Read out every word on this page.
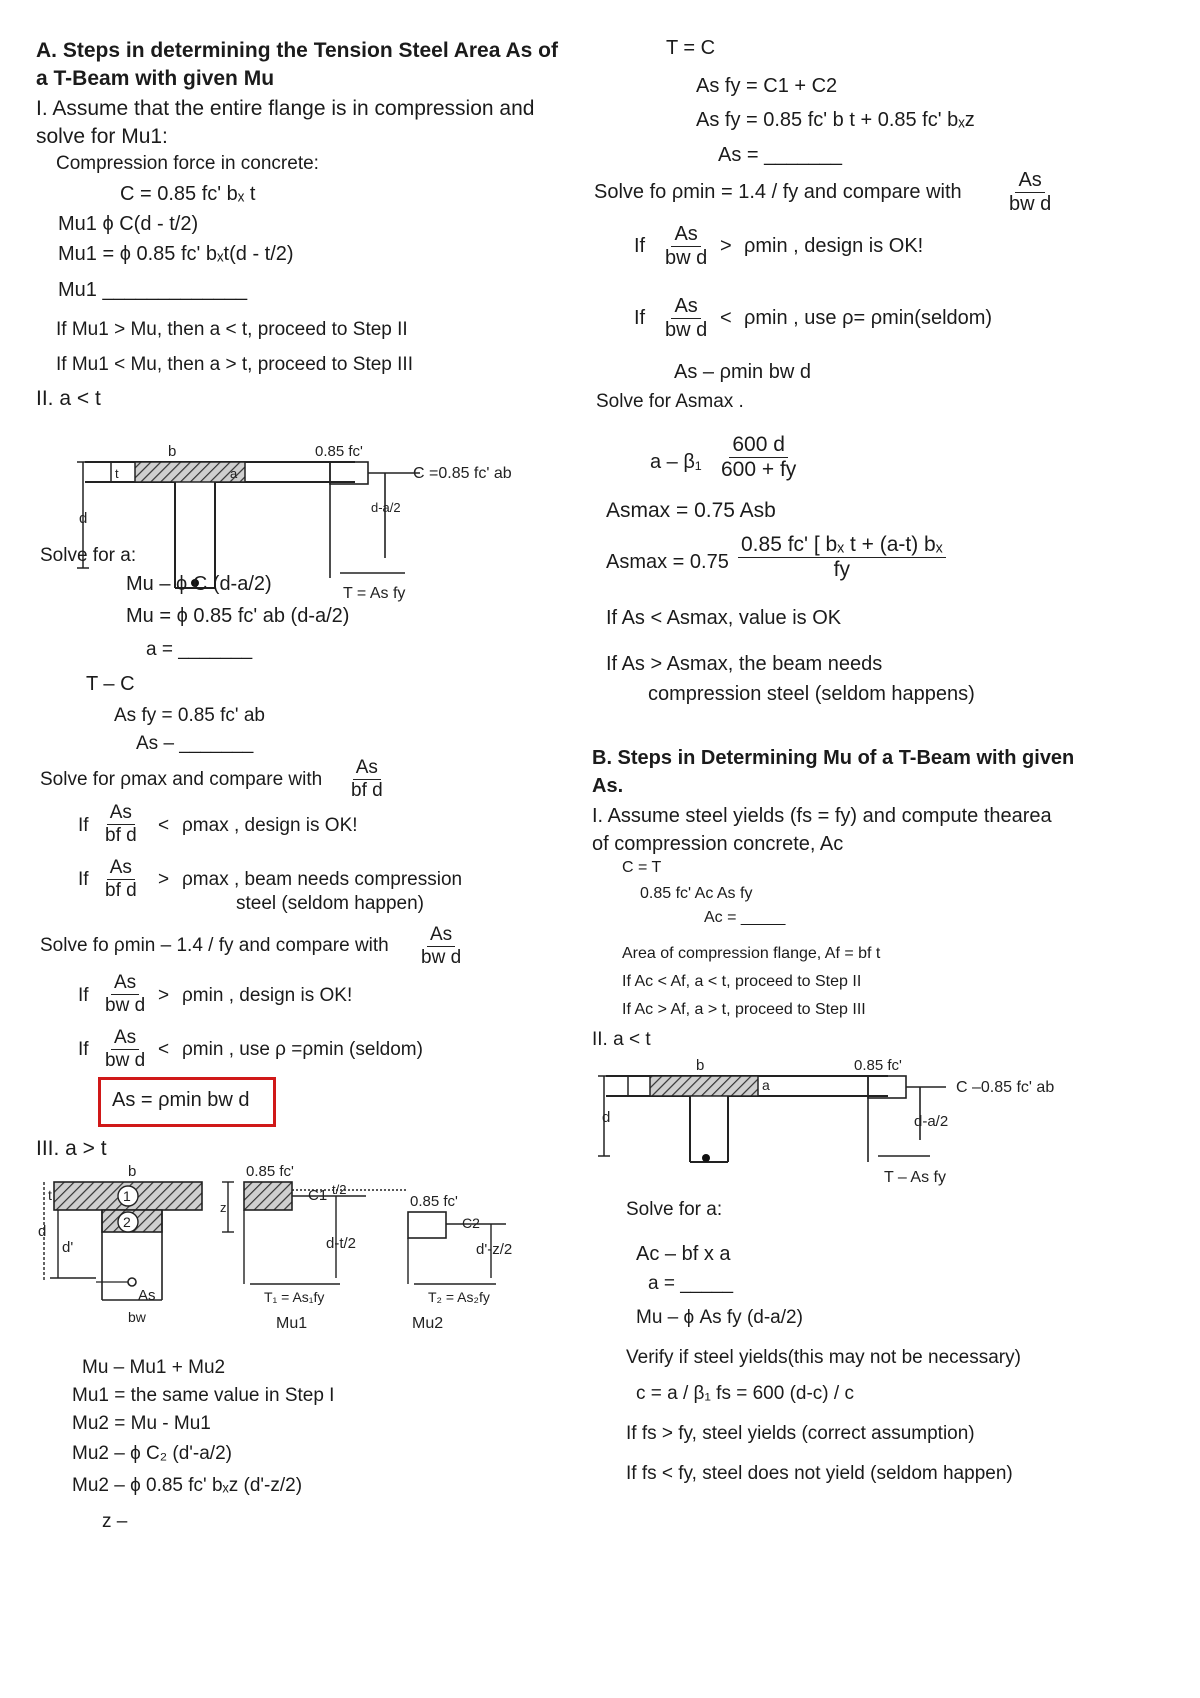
A. Steps in determining the Tension Steel Area As of
a T-Beam with given Mu
I. Assume that the entire flange is in compression and
solve for Mu1:
Compression force in concrete:
C = 0.85 fc' bₓ t
Mu1 ϕ C(d - t/2)
Mu1 = ϕ 0.85 fc' bₓt(d - t/2)
Mu1 _____________
If Mu1 > Mu, then a < t, proceed to Step II
If Mu1 < Mu, then a > t, proceed to Step III
II. a < t
d
t
b
a
0.85 fc'
C =0.85 fc' ab
d-a/2
T = As fy
Solve for a:
Mu – ϕ C (d-a/2)
Mu = ϕ 0.85 fc' ab (d-a/2)
a = _______
T – C
As fy = 0.85 fc' ab
As – _______
Solve for ρmax and compare with $\frac{As}{\text{bf d}}$
If $\frac{As}{\text{bf d}} < \rho\max$ , design is OK!
If $\frac{As}{\text{bf d}} > \rho\max$ , beam needs compression
steel (seldom happen)
Solve fo ρmin – 1.4 / fy and compare with $\frac{As}{\text{bw d}}$
If $\frac{As}{\text{bw d}} > \rho\min$ , design is OK!
If $\frac{As}{\text{bw d}} < \rho\min$ , use ρ =ρmin (seldom)
As = ρmin bw d
III. a > t
1
2
b
t
d
d'
As
bw
z
0.85 fc'
C1 t/2
d-t/2
T₁ = As₁fy
Mu1
0.85 fc'
C2
d'-z/2
T₂ = As₂fy
Mu2
Mu – Mu1 + Mu2
Mu1 = the same value in Step I
Mu2 = Mu - Mu1
Mu2 – ϕ C₂ (d'-a/2)
Mu2 – ϕ 0.85 fc' bₓz (d'-z/2)
z –
T = C
As fy = C1 + C2
As fy = 0.85 fc' b t + 0.85 fc' bₓz
As = _______
Solve fo ρmin = 1.4 / fy and compare with $\frac{As}{\text{bw d}}$
If $\frac{As}{\text{bw d}} > \rho\min$ , design is OK!
If $\frac{As}{\text{bw d}} < \rho\min$ , use ρ= ρmin(seldom)
As – ρmin bw d
Solve for Asmax .
a – $\beta_1 \frac{600 d}{600 + fy}$
Asmax = 0.75 Asb
$Asmax = 0.75 \frac{\text{0.85 fc' [ bₓ t + (a-t) bₓ}}{fy}$
If As < Asmax, value is OK
If As > Asmax, the beam needs
compression steel (seldom happens)
B. Steps in Determining Mu of a T-Beam with given
As.
I. Assume steel yields (fs = fy) and compute thearea
of compression concrete, Ac
C = T
0.85 fc' Ac As fy
Ac = _____
Area of compression flange, Af = bf t
If Ac < Af, a < t, proceed to Step II
If Ac > Af, a > t, proceed to Step III
II. a < t
d
b
a
0.85 fc'
C –0.85 fc' ab
d-a/2
T – As fy
Solve for a:
Ac – bf x a
a = _____
Mu – ϕ As fy (d-a/2)
Verify if steel yields(this may not be necessary)
c = a / β₁ fs = 600 (d-c) / c
If fs > fy, steel yields (correct assumption)
If fs < fy, steel does not yield (seldom happen)
